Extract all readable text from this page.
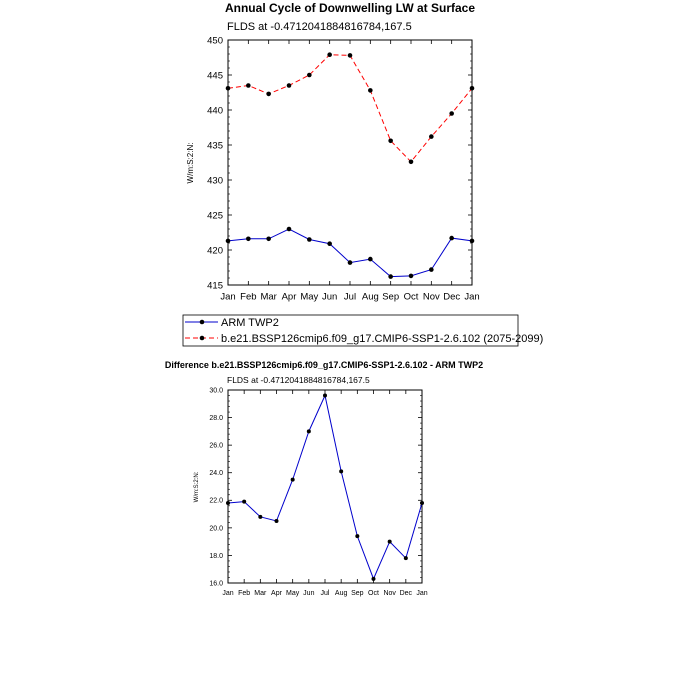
Annual Cycle of Downwelling LW at Surface
FLDS at -0.4712041884816784,167.5
W/m:S:2:N:
415
420
425
430
435
440
445
450
Jan Feb Mar Apr May Jun Jul Aug Sep Oct Nov Dec Jan
ARM TWP2
b.e21.BSSP126cmip6.f09_g17.CMIP6-SSP1-2.6.102 (2075-2099)
Difference b.e21.BSSP126cmip6.f09_g17.CMIP6-SSP1-2.6.102 - ARM TWP2
FLDS at -0.4712041884816784,167.5
W/m:S:2:N:
16.0
18.0
20.0
22.0
24.0
26.0
28.0
30.0
Jan Feb Mar Apr May Jun Jul Aug Sep Oct Nov Dec Jan
